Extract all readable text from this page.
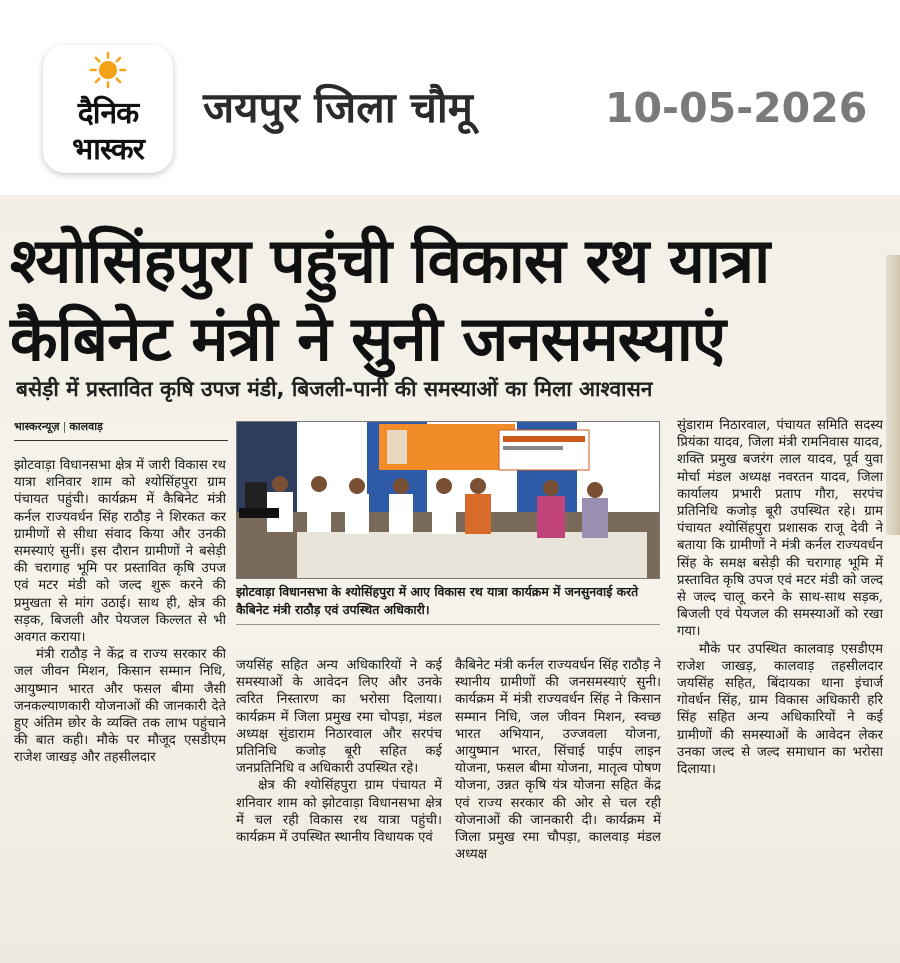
दैनिक
भास्कर
जयपुर जिला चौमू	10-05-2026
श्योसिंहपुरा पहुंची विकास रथ यात्रा
कैबिनेट मंत्री ने सुनी जनसमस्याएं
बसेड़ी में प्रस्तावित कृषि उपज मंडी, बिजली-पानी की समस्याओं का मिला आश्वासन
भास्करन्यूज़ | कालवाड़

झोटवाड़ा विधानसभा क्षेत्र में जारी विकास रथ यात्रा शनिवार शाम को श्योसिंहपुरा ग्राम पंचायत पहुंची। कार्यक्रम में कैबिनेट मंत्री कर्नल राज्यवर्धन सिंह राठौड़ ने शिरकत कर ग्रामीणों से सीधा संवाद किया और उनकी समस्याएं सुनीं। इस दौरान ग्रामीणों ने बसेड़ी की चरागाह भूमि पर प्रस्तावित कृषि उपज एवं मटर मंडी को जल्द शुरू करने की प्रमुखता से मांग उठाई। साथ ही, क्षेत्र की सड़क, बिजली और पेयजल किल्लत से भी अवगत कराया।

मंत्री राठौड़ ने केंद्र व राज्य सरकार की जल जीवन मिशन, किसान सम्मान निधि, आयुष्मान भारत और फसल बीमा जैसी जनकल्याणकारी योजनाओं की जानकारी देते हुए अंतिम छोर के व्यक्ति तक लाभ पहुंचाने की बात कही। मौके पर मौजूद एसडीएम राजेश जाखड़ और तहसीलदार

झोटवाड़ा विधानसभा के श्योसिंहपुरा में आए विकास रथ यात्रा कार्यक्रम में जनसुनवाई करते कैबिनेट मंत्री राठौड़ एवं उपस्थित अधिकारी।

जयसिंह सहित अन्य अधिकारियों ने कई समस्याओं के आवेदन लिए और उनके त्वरित निस्तारण का भरोसा दिलाया। कार्यक्रम में जिला प्रमुख रमा चोपड़ा, मंडल अध्यक्ष सुंडाराम निठारवाल और सरपंच प्रतिनिधि कजोड़ बूरी सहित कई जनप्रतिनिधि व अधिकारी उपस्थित रहे।

क्षेत्र की श्योसिंहपुरा ग्राम पंचायत में शनिवार शाम को झोटवाड़ा विधानसभा क्षेत्र में चल रही विकास रथ यात्रा पहुंची। कार्यक्रम में उपस्थित स्थानीय विधायक एवं

कैबिनेट मंत्री कर्नल राज्यवर्धन सिंह राठौड़ ने स्थानीय ग्रामीणों की जनसमस्याएं सुनी। कार्यक्रम में मंत्री राज्यवर्धन सिंह ने किसान सम्मान निधि, जल जीवन मिशन, स्वच्छ भारत अभियान, उज्जवला योजना, आयुष्मान भारत, सिंचाई पाईप लाइन योजना, फसल बीमा योजना, मातृत्व पोषण योजना, उन्नत कृषि यंत्र योजना सहित केंद्र एवं राज्य सरकार की ओर से चल रही योजनाओं की जानकारी दी। कार्यक्रम में जिला प्रमुख रमा चौपड़ा, कालवाड़ मंडल अध्यक्ष

सुंडाराम निठारवाल, पंचायत समिति सदस्य प्रियंका यादव, जिला मंत्री रामनिवास यादव, शक्ति प्रमुख बजरंग लाल यादव, पूर्व युवा मोर्चा मंडल अध्यक्ष नवरतन यादव, जिला कार्यालय प्रभारी प्रताप गौरा, सरपंच प्रतिनिधि कजोड़ बूरी उपस्थित रहे। ग्राम पंचायत श्योसिंहपुरा प्रशासक राजू देवी ने बताया कि ग्रामीणों ने मंत्री कर्नल राज्यवर्धन सिंह के समक्ष बसेड़ी की चरागाह भूमि में प्रस्तावित कृषि उपज एवं मटर मंडी को जल्द से जल्द चालू करने के साथ-साथ सड़क, बिजली एवं पेयजल की समस्याओं को रखा गया।

मौके पर उपस्थित कालवाड़ एसडीएम राजेश जाखड़, कालवाड़ तहसीलदार जयसिंह सहित, बिंदायका थाना इंचार्ज गोवर्धन सिंह, ग्राम विकास अधिकारी हरि सिंह सहित अन्य अधिकारियों ने कई ग्रामीणों की समस्याओं के आवेदन लेकर उनका जल्द से जल्द समाधान का भरोसा दिलाया।
